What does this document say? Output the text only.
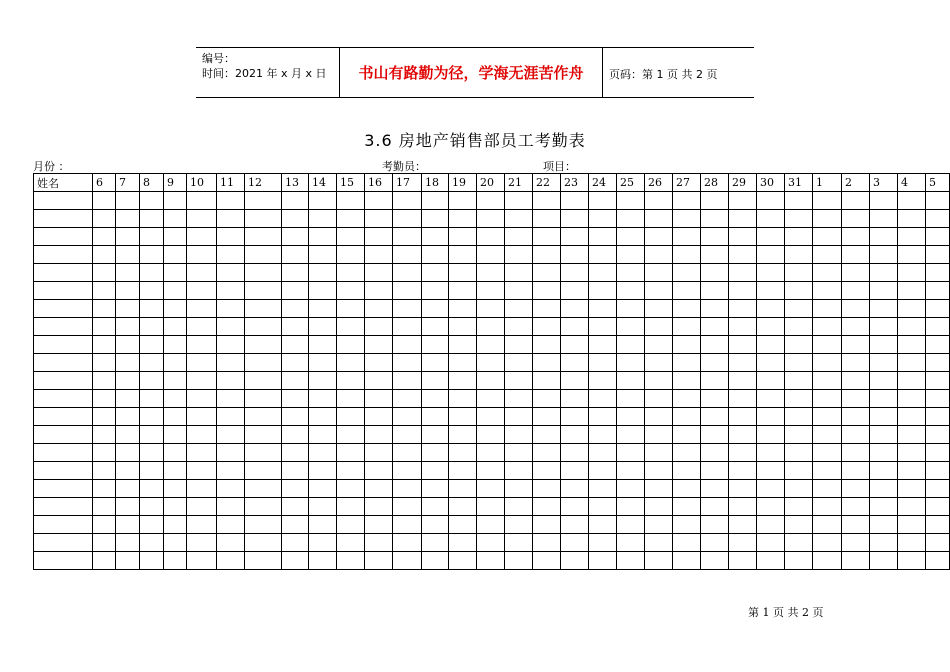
编号：
时间：2021 年 x 月 x 日	书山有路勤为径，学海无涯苦作舟	页码：第 1 页 共 2 页
3.6 房地产销售部员工考勤表
月份 ：	考勤员：	项目：
姓名	6	7	8	9	10	11	12	13	14	15	16	17	18	19	20	21	22	23	24	25	26	27	28	29	30	31	1	2	3	4	5

第 1 页 共 2 页
